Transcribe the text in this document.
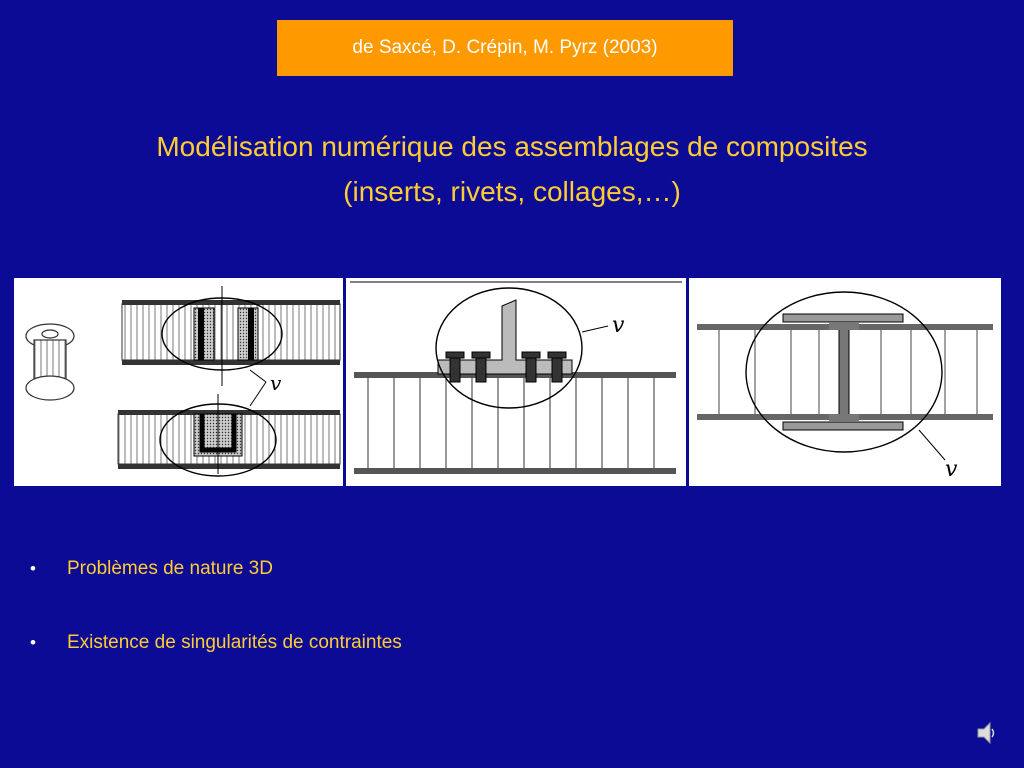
de Saxcé, D. Crépin, M. Pyrz (2003)
Modélisation numérique des assemblages de composites
(inserts, rivets, collages,…)
v
v
v
•	Problèmes de nature 3D
•	Existence de singularités de contraintes
